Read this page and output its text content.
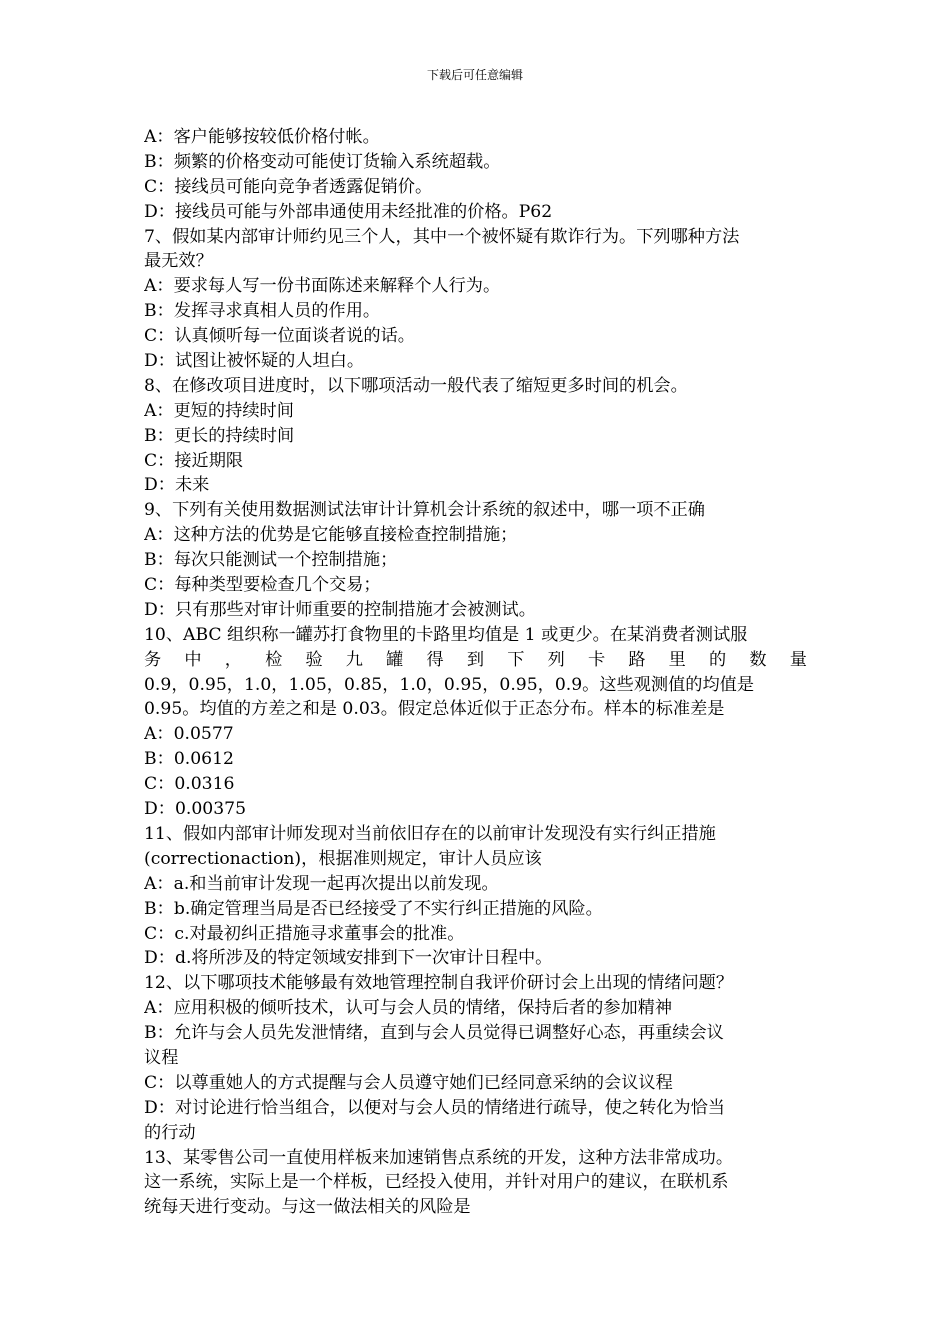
下载后可任意编辑
A：客户能够按较低价格付帐。
B：频繁的价格变动可能使订货输入系统超载。
C：接线员可能向竞争者透露促销价。
D：接线员可能与外部串通使用未经批准的价格。P62
7、假如某内部审计师约见三个人，其中一个被怀疑有欺诈行为。下列哪种方法
最无效？
A：要求每人写一份书面陈述来解释个人行为。
B：发挥寻求真相人员的作用。
C：认真倾听每一位面谈者说的话。
D：试图让被怀疑的人坦白。
8、在修改项目进度时，以下哪项活动一般代表了缩短更多时间的机会。
A：更短的持续时间
B：更长的持续时间
C：接近期限
D：未来
9、下列有关使用数据测试法审计计算机会计系统的叙述中，哪一项不正确
A：这种方法的优势是它能够直接检查控制措施；
B：每次只能测试一个控制措施；
C：每种类型要检查几个交易；
D：只有那些对审计师重要的控制措施才会被测试。
10、ABC 组织称一罐苏打食物里的卡路里均值是 1 或更少。在某消费者测试服
务 中 ， 检 验 九 罐 得 到 下 列 卡 路 里 的 数 量
0.9，0.95，1.0，1.05，0.85，1.0，0.95，0.95，0.9。这些观测值的均值是
0.95。均值的方差之和是 0.03。假定总体近似于正态分布。样本的标准差是
A：0.0577
B：0.0612
C：0.0316
D：0.00375
11、假如内部审计师发现对当前依旧存在的以前审计发现没有实行纠正措施
(correctionaction)，根据准则规定，审计人员应该
A：a.和当前审计发现一起再次提出以前发现。
B：b.确定管理当局是否已经接受了不实行纠正措施的风险。
C：c.对最初纠正措施寻求董事会的批准。
D：d.将所涉及的特定领域安排到下一次审计日程中。
12、以下哪项技术能够最有效地管理控制自我评价研讨会上出现的情绪问题？
A：应用积极的倾听技术，认可与会人员的情绪，保持后者的参加精神
B：允许与会人员先发泄情绪，直到与会人员觉得已调整好心态，再重续会议
议程
C：以尊重她人的方式提醒与会人员遵守她们已经同意采纳的会议议程
D：对讨论进行恰当组合，以便对与会人员的情绪进行疏导，使之转化为恰当
的行动
13、某零售公司一直使用样板来加速销售点系统的开发，这种方法非常成功。
这一系统，实际上是一个样板，已经投入使用，并针对用户的建议，在联机系
统每天进行变动。与这一做法相关的风险是
